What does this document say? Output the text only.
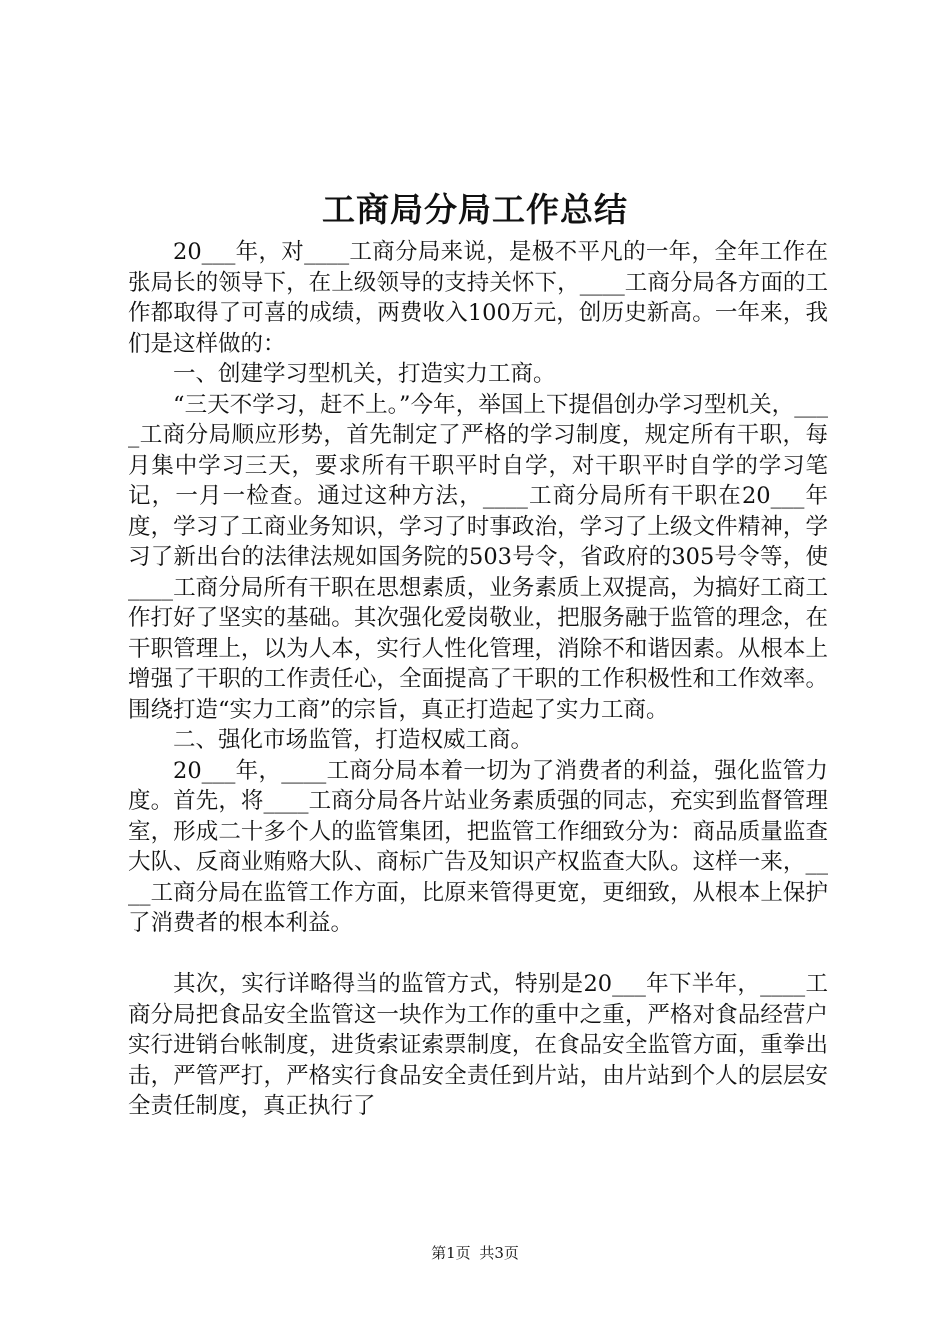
工商局分局工作总结

20___年，对____工商分局来说，是极不平凡的一年，全年工作在张局长的领导下，在上级领导的支持关怀下，____工商分局各方面的工作都取得了可喜的成绩，两费收入100万元，创历史新高。一年来，我们是这样做的：

一、创建学习型机关，打造实力工商。

“三天不学习，赶不上。”今年，举国上下提倡创办学习型机关，____工商分局顺应形势，首先制定了严格的学习制度，规定所有干职，每月集中学习三天，要求所有干职平时自学，对干职平时自学的学习笔记，一月一检查。通过这种方法，____工商分局所有干职在20___年度，学习了工商业务知识，学习了时事政治，学习了上级文件精神，学习了新出台的法律法规如国务院的503号令，省政府的305号令等，使____工商分局所有干职在思想素质，业务素质上双提高，为搞好工商工作打好了坚实的基础。其次强化爱岗敬业，把服务融于监管的理念，在干职管理上，以为人本，实行人性化管理，消除不和谐因素。从根本上增强了干职的工作责任心，全面提高了干职的工作积极性和工作效率。围绕打造“实力工商”的宗旨，真正打造起了实力工商。

二、强化市场监管，打造权威工商。

20___年，____工商分局本着一切为了消费者的利益，强化监管力度。首先，将____工商分局各片站业务素质强的同志，充实到监督管理室，形成二十多个人的监管集团，把监管工作细致分为：商品质量监查大队、反商业贿赂大队、商标广告及知识产权监查大队。这样一来，____工商分局在监管工作方面，比原来管得更宽，更细致，从根本上保护了消费者的根本利益。

其次，实行详略得当的监管方式，特别是20___年下半年，____工商分局把食品安全监管这一块作为工作的重中之重，严格对食品经营户实行进销台帐制度，进货索证索票制度，在食品安全监管方面，重拳出击，严管严打，严格实行食品安全责任到片站，由片站到个人的层层安全责任制度，真正执行了

第1页 共3页
